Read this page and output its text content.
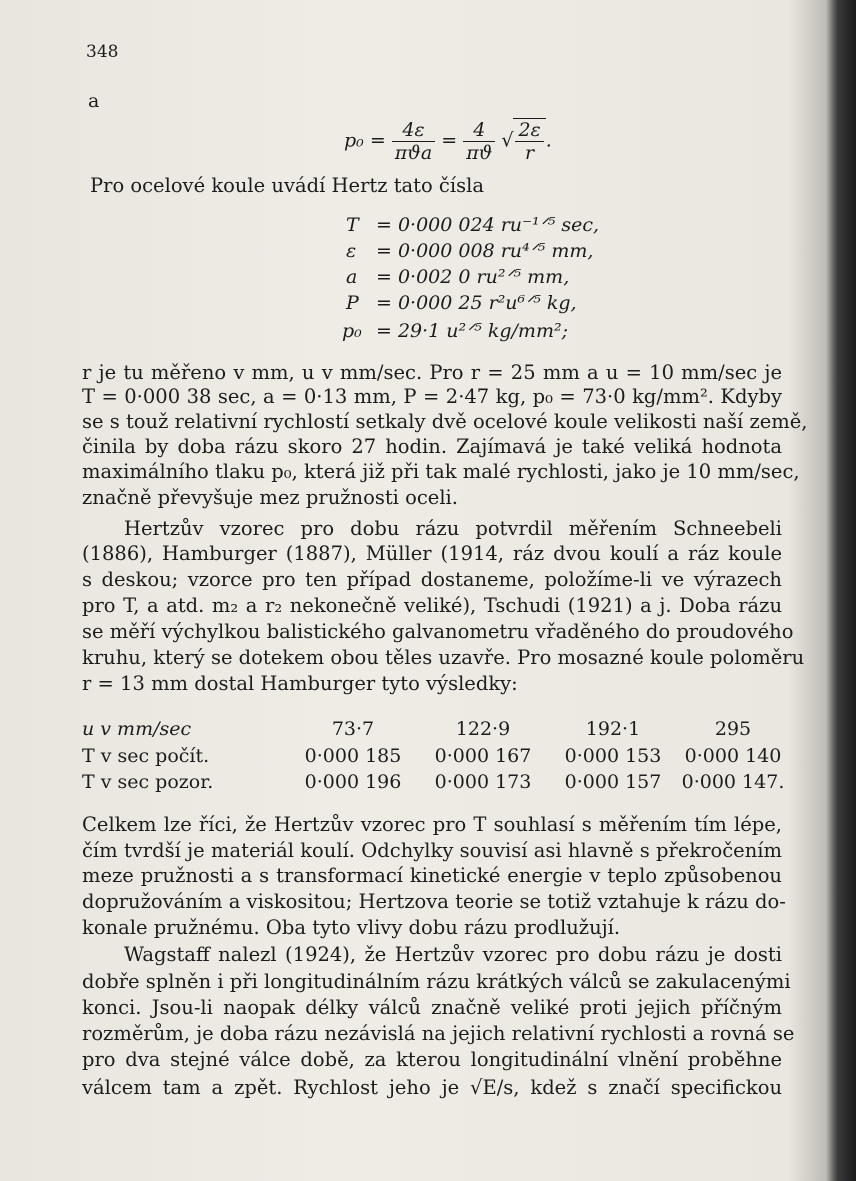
348
a
$p_0 = \frac{4\varepsilon}{\text{πϑa}} = \frac{4}{\pi ϑ}$ √ $\frac{2\varepsilon}{r}$ .
Pro ocelové koule uvádí Hertz tato čísla
T = 0·000 024 ru⁻¹ᐟ⁵ sec,
ε = 0·000 008 ru⁴ᐟ⁵ mm,
a = 0·002 0 ru²ᐟ⁵ mm,
P = 0·000 25 r²u⁶ᐟ⁵ kg,
p₀ = 29·1 u²ᐟ⁵ kg/mm²;
r je tu měřeno v mm, u v mm/sec. Pro r = 25 mm a u = 10 mm/sec je
T = 0·000 38 sec, a = 0·13 mm, P = 2·47 kg, p₀ = 73·0 kg/mm². Kdyby
se s touž relativní rychlostí setkaly dvě ocelové koule velikosti naší země,
činila by doba rázu skoro 27 hodin. Zajímavá je také veliká hodnota
maximálního tlaku p₀, která již při tak malé rychlosti, jako je 10 mm/sec,
značně převyšuje mez pružnosti oceli.
Hertzův vzorec pro dobu rázu potvrdil měřením Schneebeli
(1886), Hamburger (1887), Müller (1914, ráz dvou koulí a ráz koule
s deskou; vzorce pro ten případ dostaneme, položíme-li ve výrazech
pro T, a atd. m₂ a r₂ nekonečně veliké), Tschudi (1921) a j. Doba rázu
se měří výchylkou balistického galvanometru vřaděného do proudového
kruhu, který se dotekem obou těles uzavře. Pro mosazné koule poloměru
r = 13 mm dostal Hamburger tyto výsledky:
u v mm/sec	73·7	122·9	192·1	295
T v sec počít.	0·000 185	0·000 167	0·000 153	0·000 140
T v sec pozor.	0·000 196	0·000 173	0·000 157	0·000 147.
Celkem lze říci, že Hertzův vzorec pro T souhlasí s měřením tím lépe,
čím tvrdší je materiál koulí. Odchylky souvisí asi hlavně s překročením
meze pružnosti a s transformací kinetické energie v teplo způsobenou
dopružováním a viskositou; Hertzova teorie se totiž vztahuje k rázu do-
konale pružnému. Oba tyto vlivy dobu rázu prodlužují.
Wagstaff nalezl (1924), že Hertzův vzorec pro dobu rázu je dosti
dobře splněn i při longitudinálním rázu krátkých válců se zakulacenými
konci. Jsou-li naopak délky válců značně veliké proti jejich příčným
rozměrům, je doba rázu nezávislá na jejich relativní rychlosti a rovná se
pro dva stejné válce době, za kterou longitudinální vlnění proběhne
válcem tam a zpět. Rychlost jeho je √E/s, kdež s značí specifickou
